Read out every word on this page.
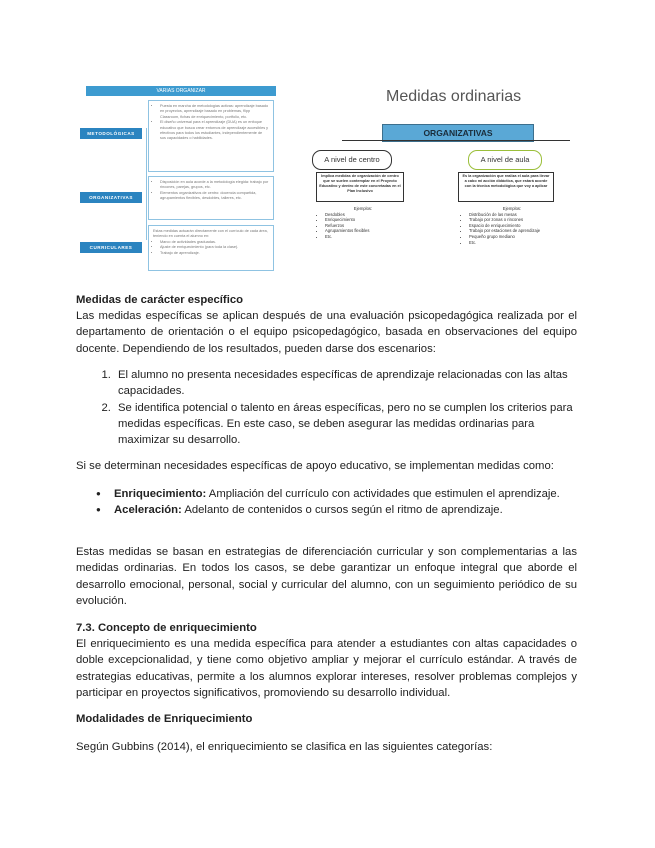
VARIAS ORGANIZAR
METODOLÓGICAS
• Puesta en marcha de metodologías activas: aprendizaje basado en proyectos, aprendizaje basado en problemas, flipp Classroom, fichas de enriquecimiento, portfolio, etc.
• El diseño universal para el aprendizaje (DUA) es un enfoque educativo que busca crear entornos de aprendizaje accesibles y efectivos para todos los estudiantes, independientemente de sus capacidades o habilidades.
ORGANIZATIVAS
• Disposición en aula acorde a la metodología elegida: trabajo por rincones, parejas, grupos, etc.
• Elementos organizativos de centro: docencia compartida, agrupamientos flexibles, desdobles, talleres, etc.
CURRICULARES

Estas medidas actuarán directamente con el currículo de cada área, teniendo en cuenta el alumno en:

• Marco de actividades graduadas.
• Ajuste de enriquecimiento (para toda la clase).
• Trabajo de aprendizaje.
Medidas ordinarias
ORGANIZATIVAS
A nivel de centro
Implica medidas de organización de centro que se suelen contemplar en el Proyecto Educativo y dentro de este concretadas en el Plan Inclusivo
Ejemplos:
• Desdobles
• Enriquecimiento
• Refuerzos
• Agrupamientos flexibles
• Etc.
A nivel de aula
Es la organización que realiza el aula para llevar a cabo mi acción didáctica, que estará acorde con la técnica metodológica que voy a aplicar
Ejemplos:
• Distribución de las mesas
• Trabajo por zonas o rincones
• Espacio de enriquecimiento
• Trabajo por estaciones de aprendizaje
• Pequeño grupo mediano
• Etc.
Medidas de carácter específico
Las medidas específicas se aplican después de una evaluación psicopedagógica realizada por el departamento de orientación o el equipo psicopedagógico, basada en observaciones del equipo docente. Dependiendo de los resultados, pueden darse dos escenarios:
1. El alumno no presenta necesidades específicas de aprendizaje relacionadas con las altas capacidades.
2. Se identifica potencial o talento en áreas específicas, pero no se cumplen los criterios para medidas específicas. En este caso, se deben asegurar las medidas ordinarias para maximizar su desarrollo.
Si se determinan necesidades específicas de apoyo educativo, se implementan medidas como:
● Enriquecimiento: Ampliación del currículo con actividades que estimulen el aprendizaje.
● Aceleración: Adelanto de contenidos o cursos según el ritmo de aprendizaje.
Estas medidas se basan en estrategias de diferenciación curricular y son complementarias a las medidas ordinarias. En todos los casos, se debe garantizar un enfoque integral que aborde el desarrollo emocional, personal, social y curricular del alumno, con un seguimiento periódico de su evolución.
7.3. Concepto de enriquecimiento
El enriquecimiento es una medida específica para atender a estudiantes con altas capacidades o doble excepcionalidad, y tiene como objetivo ampliar y mejorar el currículo estándar. A través de estrategias educativas, permite a los alumnos explorar intereses, resolver problemas complejos y participar en proyectos significativos, promoviendo su desarrollo individual.
Modalidades de Enriquecimiento
Según Gubbins (2014), el enriquecimiento se clasifica en las siguientes categorías:
